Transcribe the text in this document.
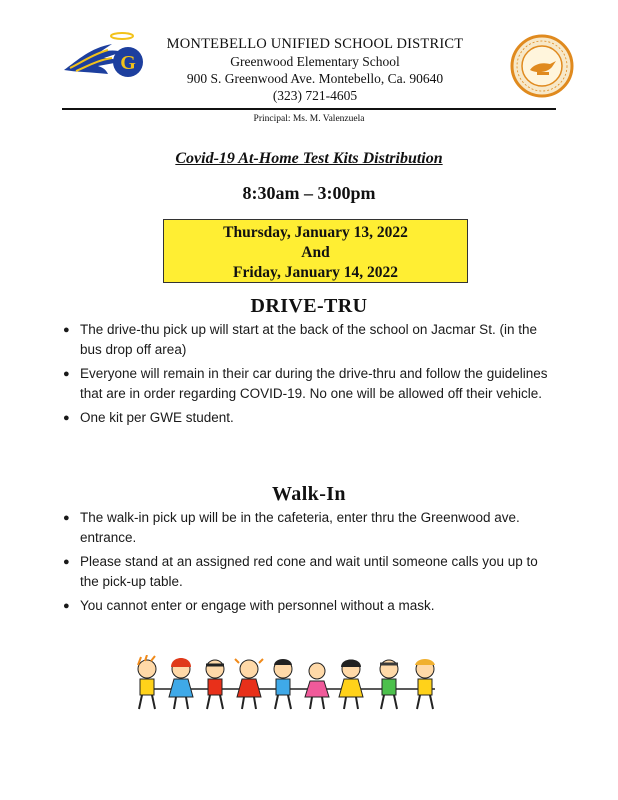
G
MONTEBELLO UNIFIED SCHOOL DISTRICT
Greenwood Elementary School
900 S. Greenwood Ave. Montebello, Ca. 90640
(323) 721-4605
Principal: Ms. M. Valenzuela
Covid-19 At-Home Test Kits Distribution
8:30am – 3:00pm
Thursday, January 13, 2022
And
Friday, January 14, 2022
DRIVE-TRU
● The drive-thu pick up will start at the back of the school on Jacmar St. (in the bus drop off area)
● Everyone will remain in their car during the drive-thru and follow the guidelines that are in order regarding COVID-19. No one will be allowed off their vehicle.
● One kit per GWE student.
Walk-In
● The walk-in pick up will be in the cafeteria, enter thru the Greenwood ave. entrance.
● Please stand at an assigned red cone and wait until someone calls you up to the pick-up table.
● You cannot enter or engage with personnel without a mask.
